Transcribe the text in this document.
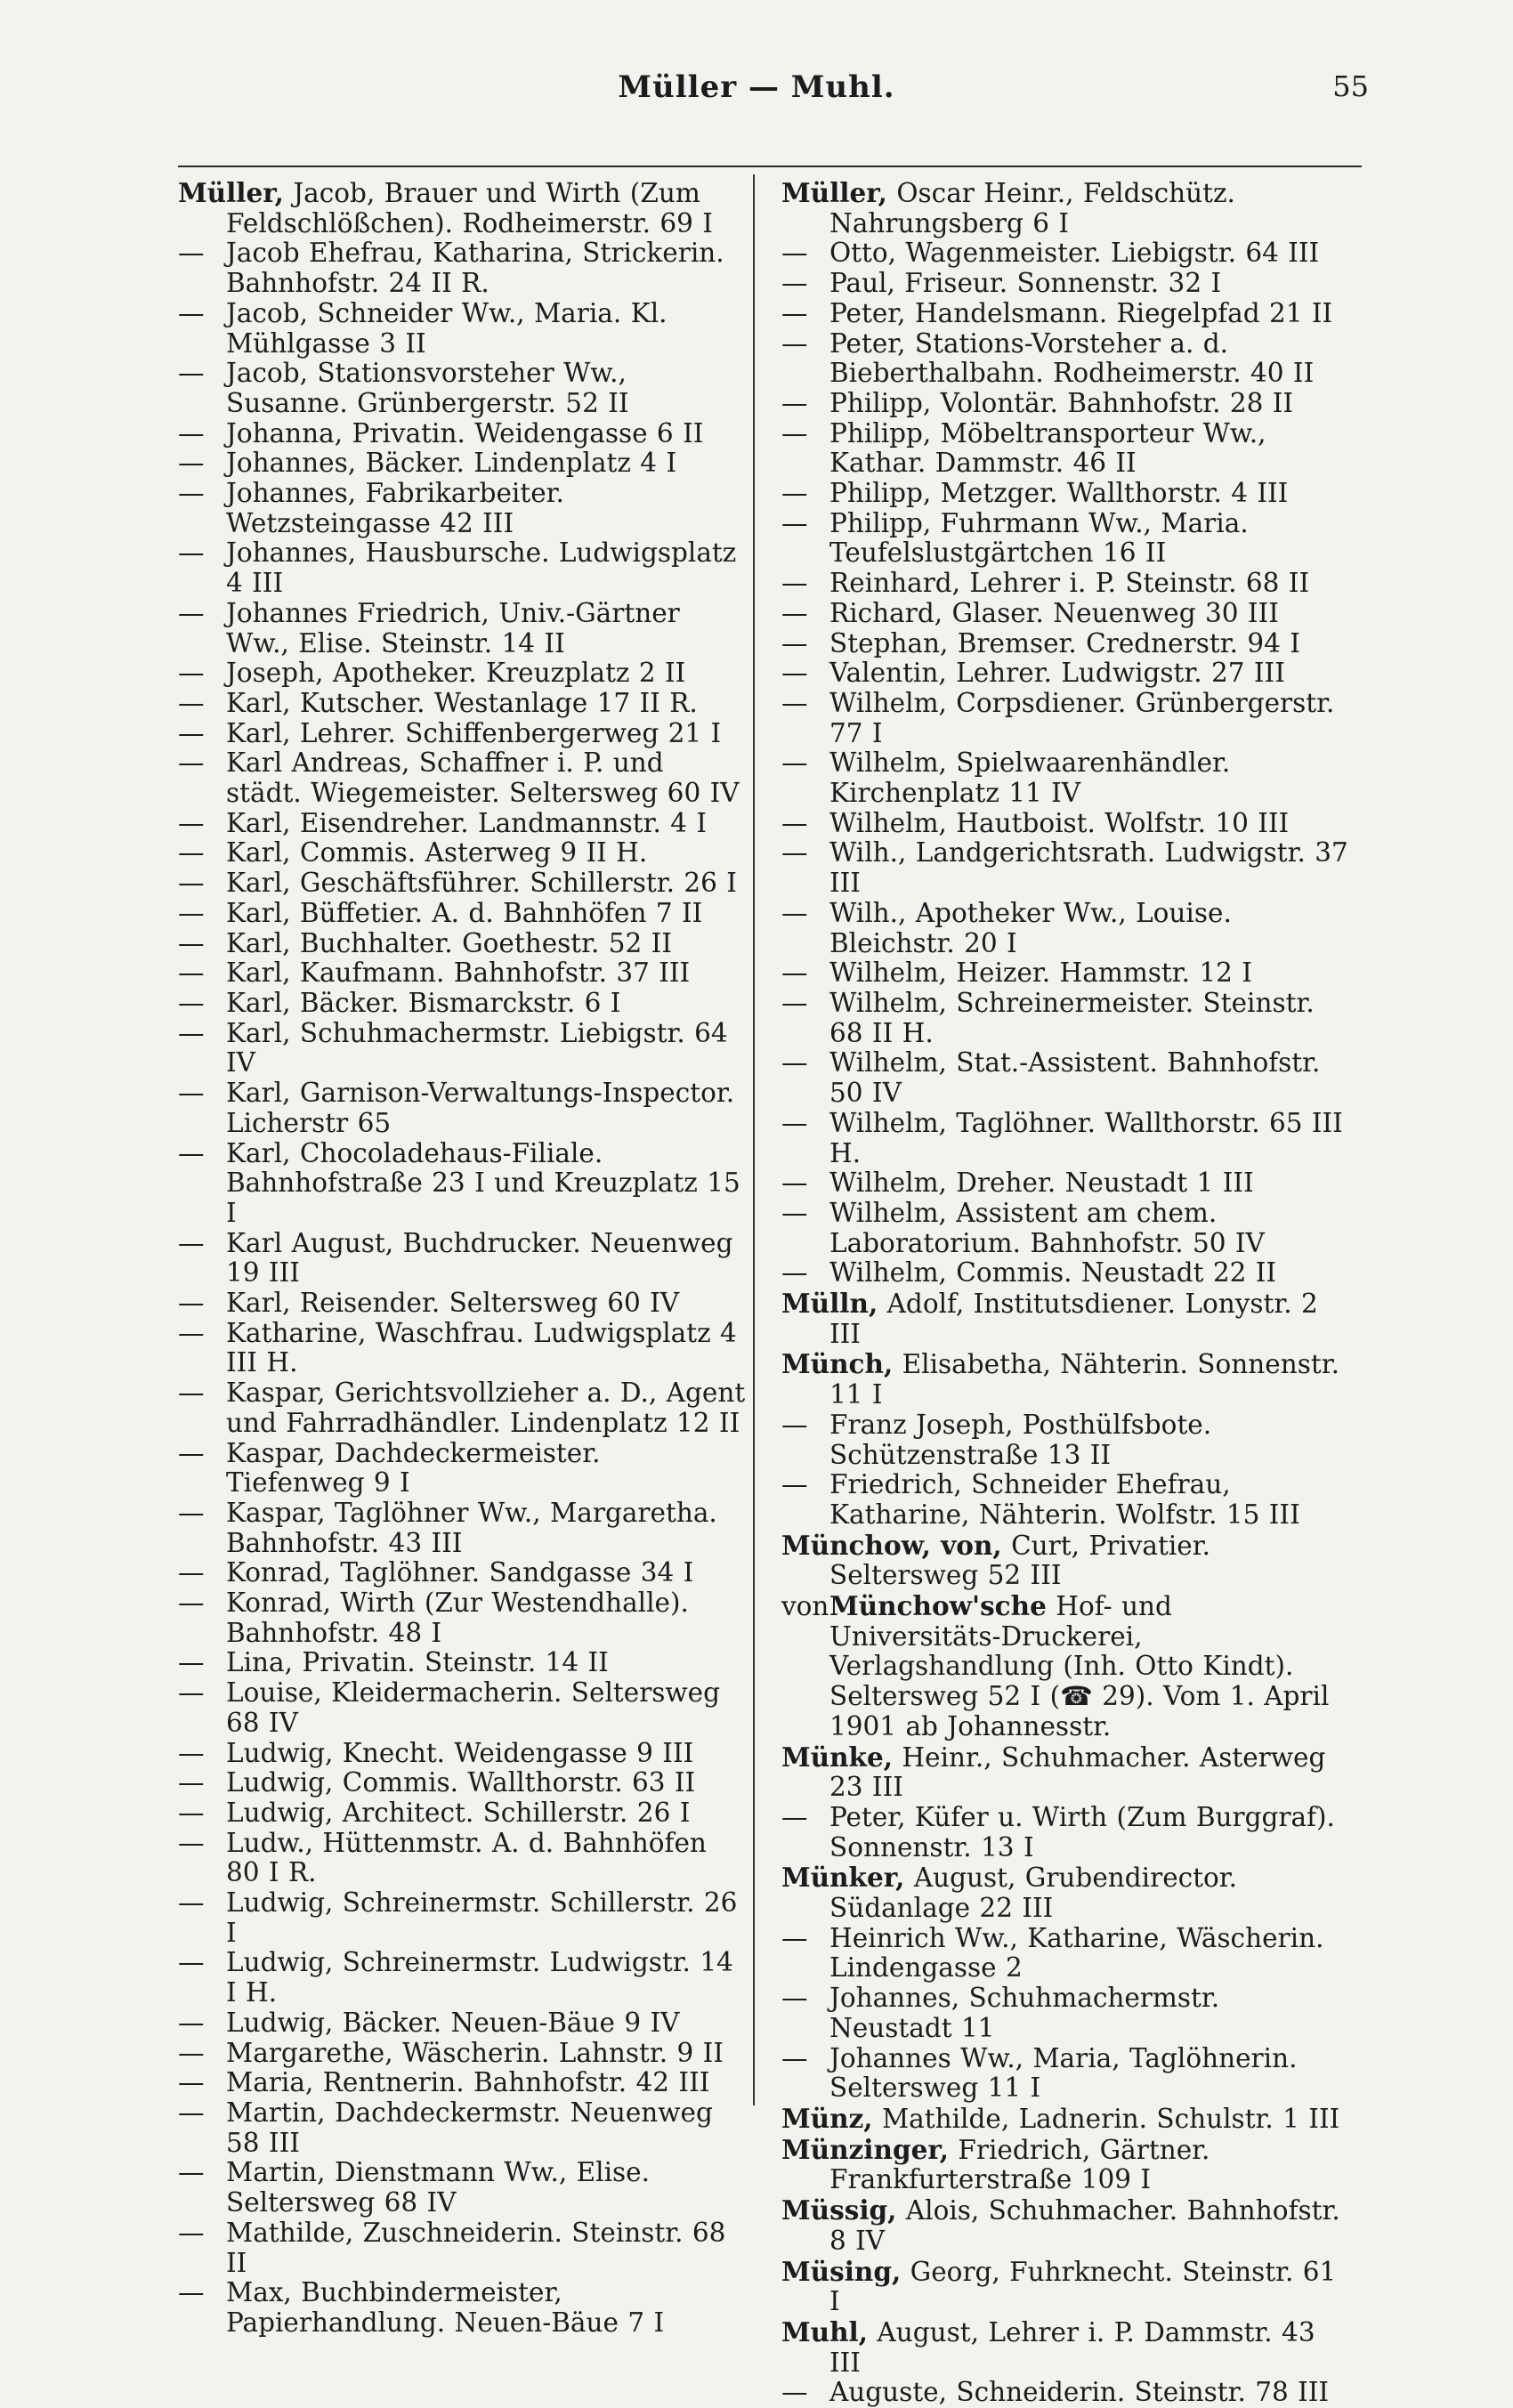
Müller — Muhl.	55
Müller, Jacob, Brauer und Wirth (Zum Feldschlößchen). Rodheimerstr. 69 I
— Jacob Ehefrau, Katharina, Strickerin. Bahnhofstr. 24 II R.
— Jacob, Schneider Ww., Maria. Kl. Mühlgasse 3 II
— Jacob, Stationsvorsteher Ww., Susanne. Grünbergerstr. 52 II
— Johanna, Privatin. Weidengasse 6 II
— Johannes, Bäcker. Lindenplatz 4 I
— Johannes, Fabrikarbeiter. Wetzsteingasse 42 III
— Johannes, Hausbursche. Ludwigsplatz 4 III
— Johannes Friedrich, Univ.-Gärtner Ww., Elise. Steinstr. 14 II
— Joseph, Apotheker. Kreuzplatz 2 II
— Karl, Kutscher. Westanlage 17 II R.
— Karl, Lehrer. Schiffenbergerweg 21 I
— Karl Andreas, Schaffner i. P. und städt. Wiegemeister. Seltersweg 60 IV
— Karl, Eisendreher. Landmannstr. 4 I
— Karl, Commis. Asterweg 9 II H.
— Karl, Geschäftsführer. Schillerstr. 26 I
— Karl, Büffetier. A. d. Bahnhöfen 7 II
— Karl, Buchhalter. Goethestr. 52 II
— Karl, Kaufmann. Bahnhofstr. 37 III
— Karl, Bäcker. Bismarckstr. 6 I
— Karl, Schuhmachermstr. Liebigstr. 64 IV
— Karl, Garnison-Verwaltungs-Inspector. Licherstr 65
— Karl, Chocoladehaus-Filiale. Bahnhofstraße 23 I und Kreuzplatz 15 I
— Karl August, Buchdrucker. Neuenweg 19 III
— Karl, Reisender. Seltersweg 60 IV
— Katharine, Waschfrau. Ludwigsplatz 4 III H.
— Kaspar, Gerichtsvollzieher a. D., Agent und Fahrradhändler. Lindenplatz 12 II
— Kaspar, Dachdeckermeister. Tiefenweg 9 I
— Kaspar, Taglöhner Ww., Margaretha. Bahnhofstr. 43 III
— Konrad, Taglöhner. Sandgasse 34 I
— Konrad, Wirth (Zur Westendhalle). Bahnhofstr. 48 I
— Lina, Privatin. Steinstr. 14 II
— Louise, Kleidermacherin. Seltersweg 68 IV
— Ludwig, Knecht. Weidengasse 9 III
— Ludwig, Commis. Wallthorstr. 63 II
— Ludwig, Architect. Schillerstr. 26 I
— Ludw., Hüttenmstr. A. d. Bahnhöfen 80 I R.
— Ludwig, Schreinermstr. Schillerstr. 26 I
— Ludwig, Schreinermstr. Ludwigstr. 14 I H.
— Ludwig, Bäcker. Neuen-Bäue 9 IV
— Margarethe, Wäscherin. Lahnstr. 9 II
— Maria, Rentnerin. Bahnhofstr. 42 III
— Martin, Dachdeckermstr. Neuenweg 58 III
— Martin, Dienstmann Ww., Elise. Seltersweg 68 IV
— Mathilde, Zuschneiderin. Steinstr. 68 II
— Max, Buchbindermeister, Papierhandlung. Neuen-Bäue 7 I
Müller, Oscar Heinr., Feldschütz. Nahrungsberg 6 I
— Otto, Wagenmeister. Liebigstr. 64 III
— Paul, Friseur. Sonnenstr. 32 I
— Peter, Handelsmann. Riegelpfad 21 II
— Peter, Stations-Vorsteher a. d. Bieberthalbahn. Rodheimerstr. 40 II
— Philipp, Volontär. Bahnhofstr. 28 II
— Philipp, Möbeltransporteur Ww., Kathar. Dammstr. 46 II
— Philipp, Metzger. Wallthorstr. 4 III
— Philipp, Fuhrmann Ww., Maria. Teufelslustgärtchen 16 II
— Reinhard, Lehrer i. P. Steinstr. 68 II
— Richard, Glaser. Neuenweg 30 III
— Stephan, Bremser. Crednerstr. 94 I
— Valentin, Lehrer. Ludwigstr. 27 III
— Wilhelm, Corpsdiener. Grünbergerstr. 77 I
— Wilhelm, Spielwaarenhändler. Kirchenplatz 11 IV
— Wilhelm, Hautboist. Wolfstr. 10 III
— Wilh., Landgerichtsrath. Ludwigstr. 37 III
— Wilh., Apotheker Ww., Louise. Bleichstr. 20 I
— Wilhelm, Heizer. Hammstr. 12 I
— Wilhelm, Schreinermeister. Steinstr. 68 II H.
— Wilhelm, Stat.-Assistent. Bahnhofstr. 50 IV
— Wilhelm, Taglöhner. Wallthorstr. 65 III H.
— Wilhelm, Dreher. Neustadt 1 III
— Wilhelm, Assistent am chem. Laboratorium. Bahnhofstr. 50 IV
— Wilhelm, Commis. Neustadt 22 II
Mülln, Adolf, Institutsdiener. Lonystr. 2 III
Münch, Elisabetha, Nähterin. Sonnenstr. 11 I
— Franz Joseph, Posthülfsbote. Schützenstraße 13 II
— Friedrich, Schneider Ehefrau, Katharine, Nähterin. Wolfstr. 15 III
Münchow, von, Curt, Privatier. Seltersweg 52 III
vonMünchow'sche Hof- und Universitäts-Druckerei, Verlagshandlung (Inh. Otto Kindt). Seltersweg 52 I (☎ 29). Vom 1. April 1901 ab Johannesstr.
Münke, Heinr., Schuhmacher. Asterweg 23 III
— Peter, Küfer u. Wirth (Zum Burggraf). Sonnenstr. 13 I
Münker, August, Grubendirector. Südanlage 22 III
— Heinrich Ww., Katharine, Wäscherin. Lindengasse 2
— Johannes, Schuhmachermstr. Neustadt 11
— Johannes Ww., Maria, Taglöhnerin. Seltersweg 11 I
Münz, Mathilde, Ladnerin. Schulstr. 1 III
Münzinger, Friedrich, Gärtner. Frankfurterstraße 109 I
Müssig, Alois, Schuhmacher. Bahnhofstr. 8 IV
Müsing, Georg, Fuhrknecht. Steinstr. 61 I
Muhl, August, Lehrer i. P. Dammstr. 43 III
— Auguste, Schneiderin. Steinstr. 78 III
